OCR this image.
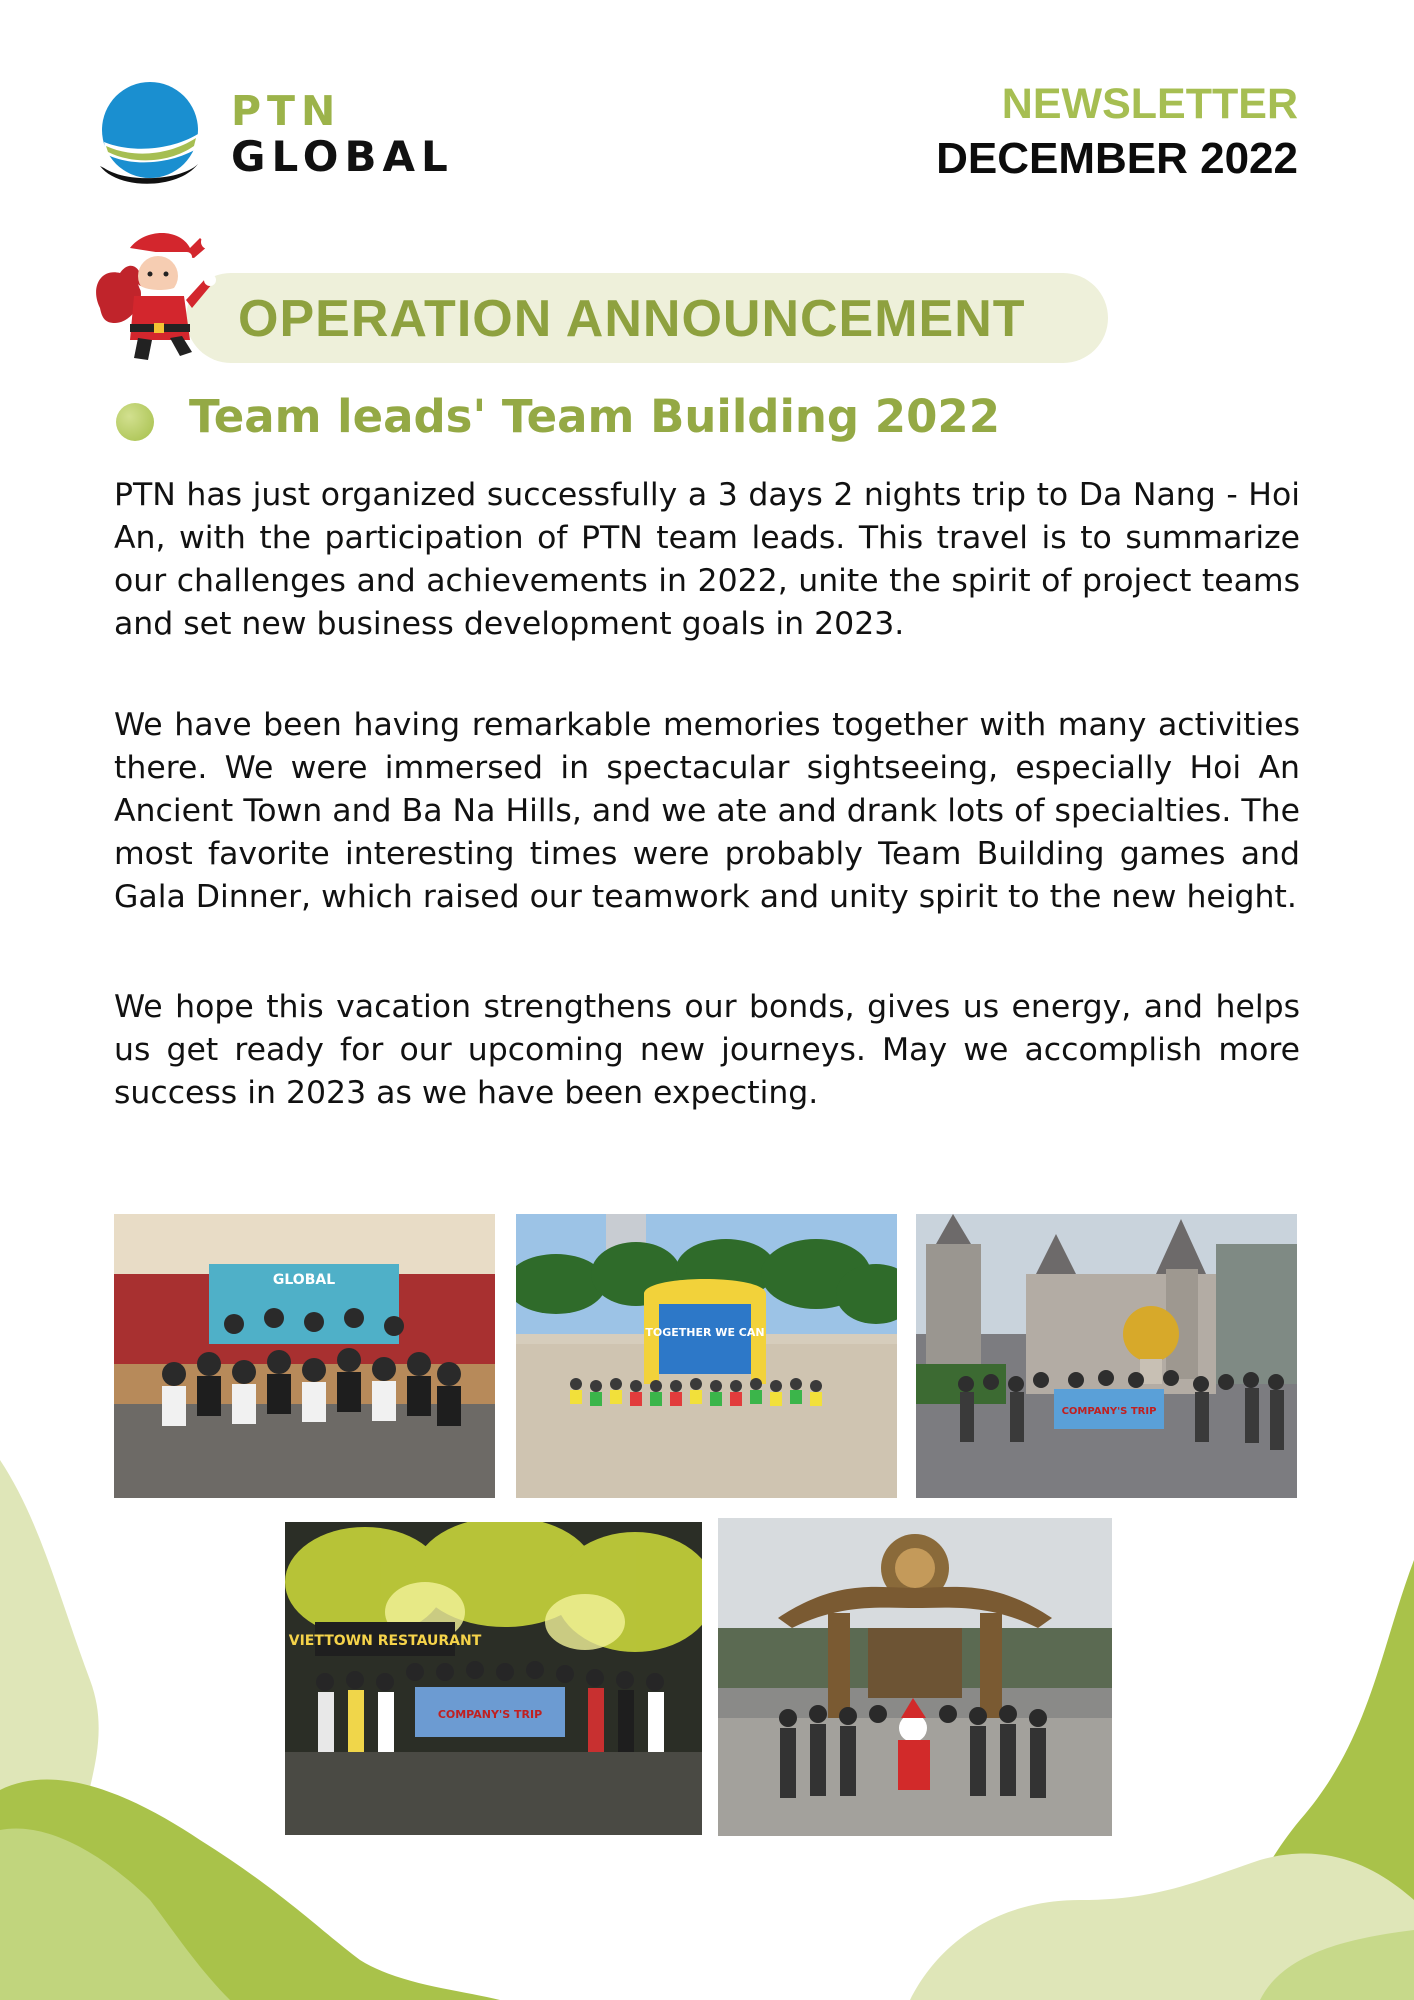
PTN
GLOBAL
NEWSLETTER
DECEMBER 2022
OPERATION ANNOUNCEMENT
Team leads' Team Building 2022

PTN has just organized successfully a 3 days 2 nights trip to Da Nang - Hoi An, with the participation of PTN team leads. This travel is to summarize our challenges and achievements in 2022, unite the spirit of project teams and set new business development goals in 2023.

We have been having remarkable memories together with many activities there. We were immersed in spectacular sightseeing, especially Hoi An Ancient Town and Ba Na Hills, and we ate and drank lots of specialties. The most favorite interesting times were probably Team Building games and Gala Dinner, which raised our teamwork and unity spirit to the new height.

We hope this vacation strengthens our bonds, gives us energy, and helps us get ready for our upcoming new journeys. May we accomplish more success in 2023 as we have been expecting.

GLOBAL
TOGETHER WE CAN
COMPANY'S TRIP
VIETTOWN RESTAURANT
COMPANY'S TRIP
